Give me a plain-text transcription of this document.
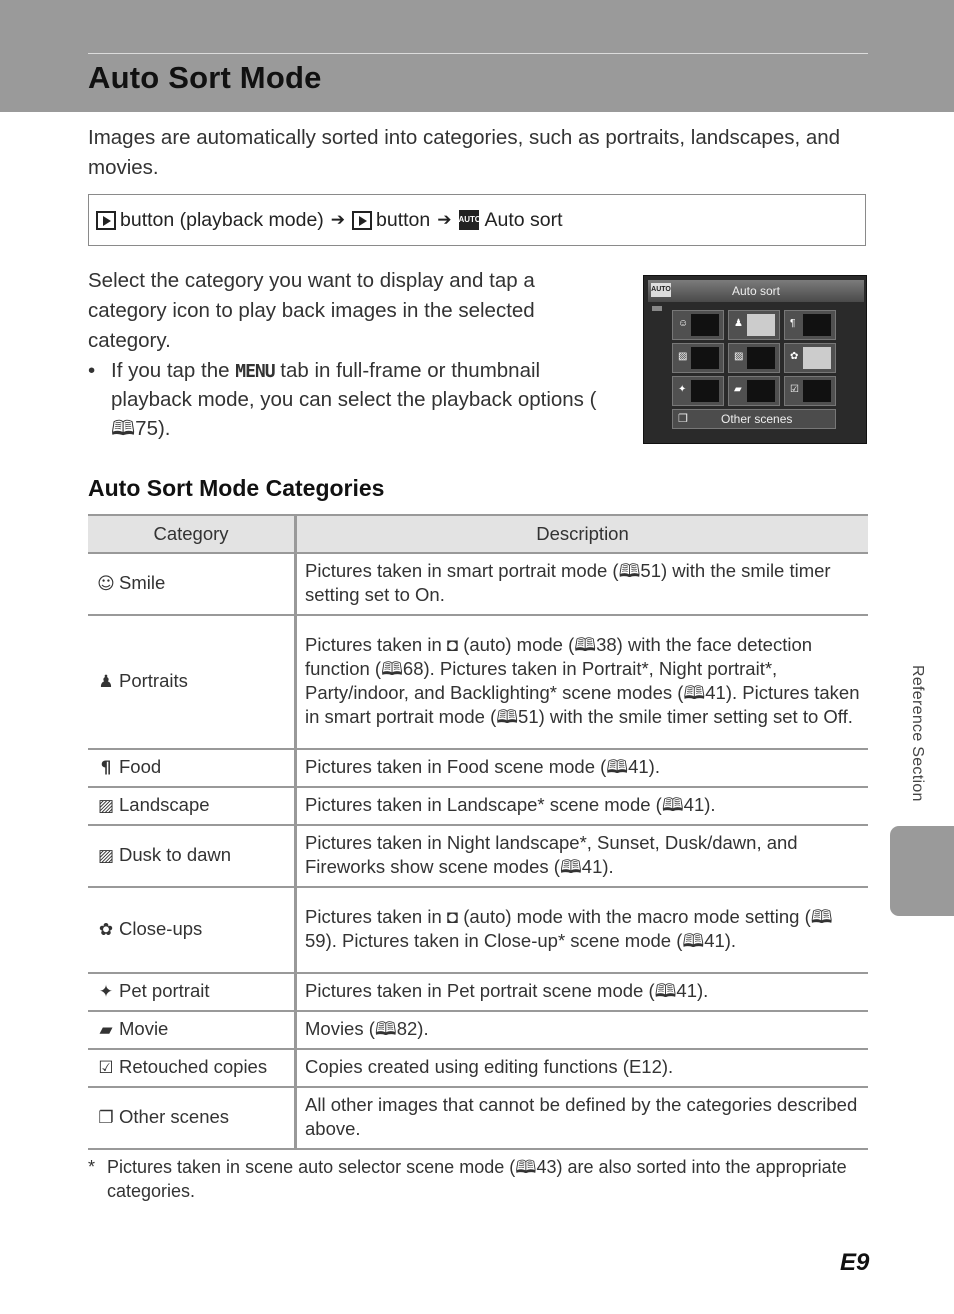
Auto Sort Mode

Images are automatically sorted into categories, such as portraits, landscapes, and movies.

button (playback mode) ➔ button ➔ AUTO Auto sort

Select the category you want to display and tap a category icon to play back images in the selected category.

• If you tap the MENU tab in full-frame or thumbnail playback mode, you can select the playback options (🕮75).
AUTO	Auto sort
☺	♟	¶
▨	▨	✿
✦	▰	☑
❐	Other scenes
Auto Sort Mode Categories
Category	Description
☺ Smile	Pictures taken in smart portrait mode (🕮51) with the smile timer setting set to On.
♟ Portraits	Pictures taken in ◘ (auto) mode (🕮38) with the face detection function (🕮68). Pictures taken in Portrait*, Night portrait*, Party/indoor, and Backlighting* scene modes (🕮41). Pictures taken in smart portrait mode (🕮51) with the smile timer setting set to Off.
¶ Food	Pictures taken in Food scene mode (🕮41).
▨ Landscape	Pictures taken in Landscape* scene mode (🕮41).
▨ Dusk to dawn	Pictures taken in Night landscape*, Sunset, Dusk/dawn, and Fireworks show scene modes (🕮41).
✿ Close-ups	Pictures taken in ◘ (auto) mode with the macro mode setting (🕮59). Pictures taken in Close-up* scene mode (🕮41).
✦ Pet portrait	Pictures taken in Pet portrait scene mode (🕮41).
▰ Movie	Movies (🕮82).
☑ Retouched copies	Copies created using editing functions (E12).
❐ Other scenes	All other images that cannot be defined by the categories described above.
* Pictures taken in scene auto selector scene mode (🕮43) are also sorted into the appropriate categories.
Reference Section
E9
